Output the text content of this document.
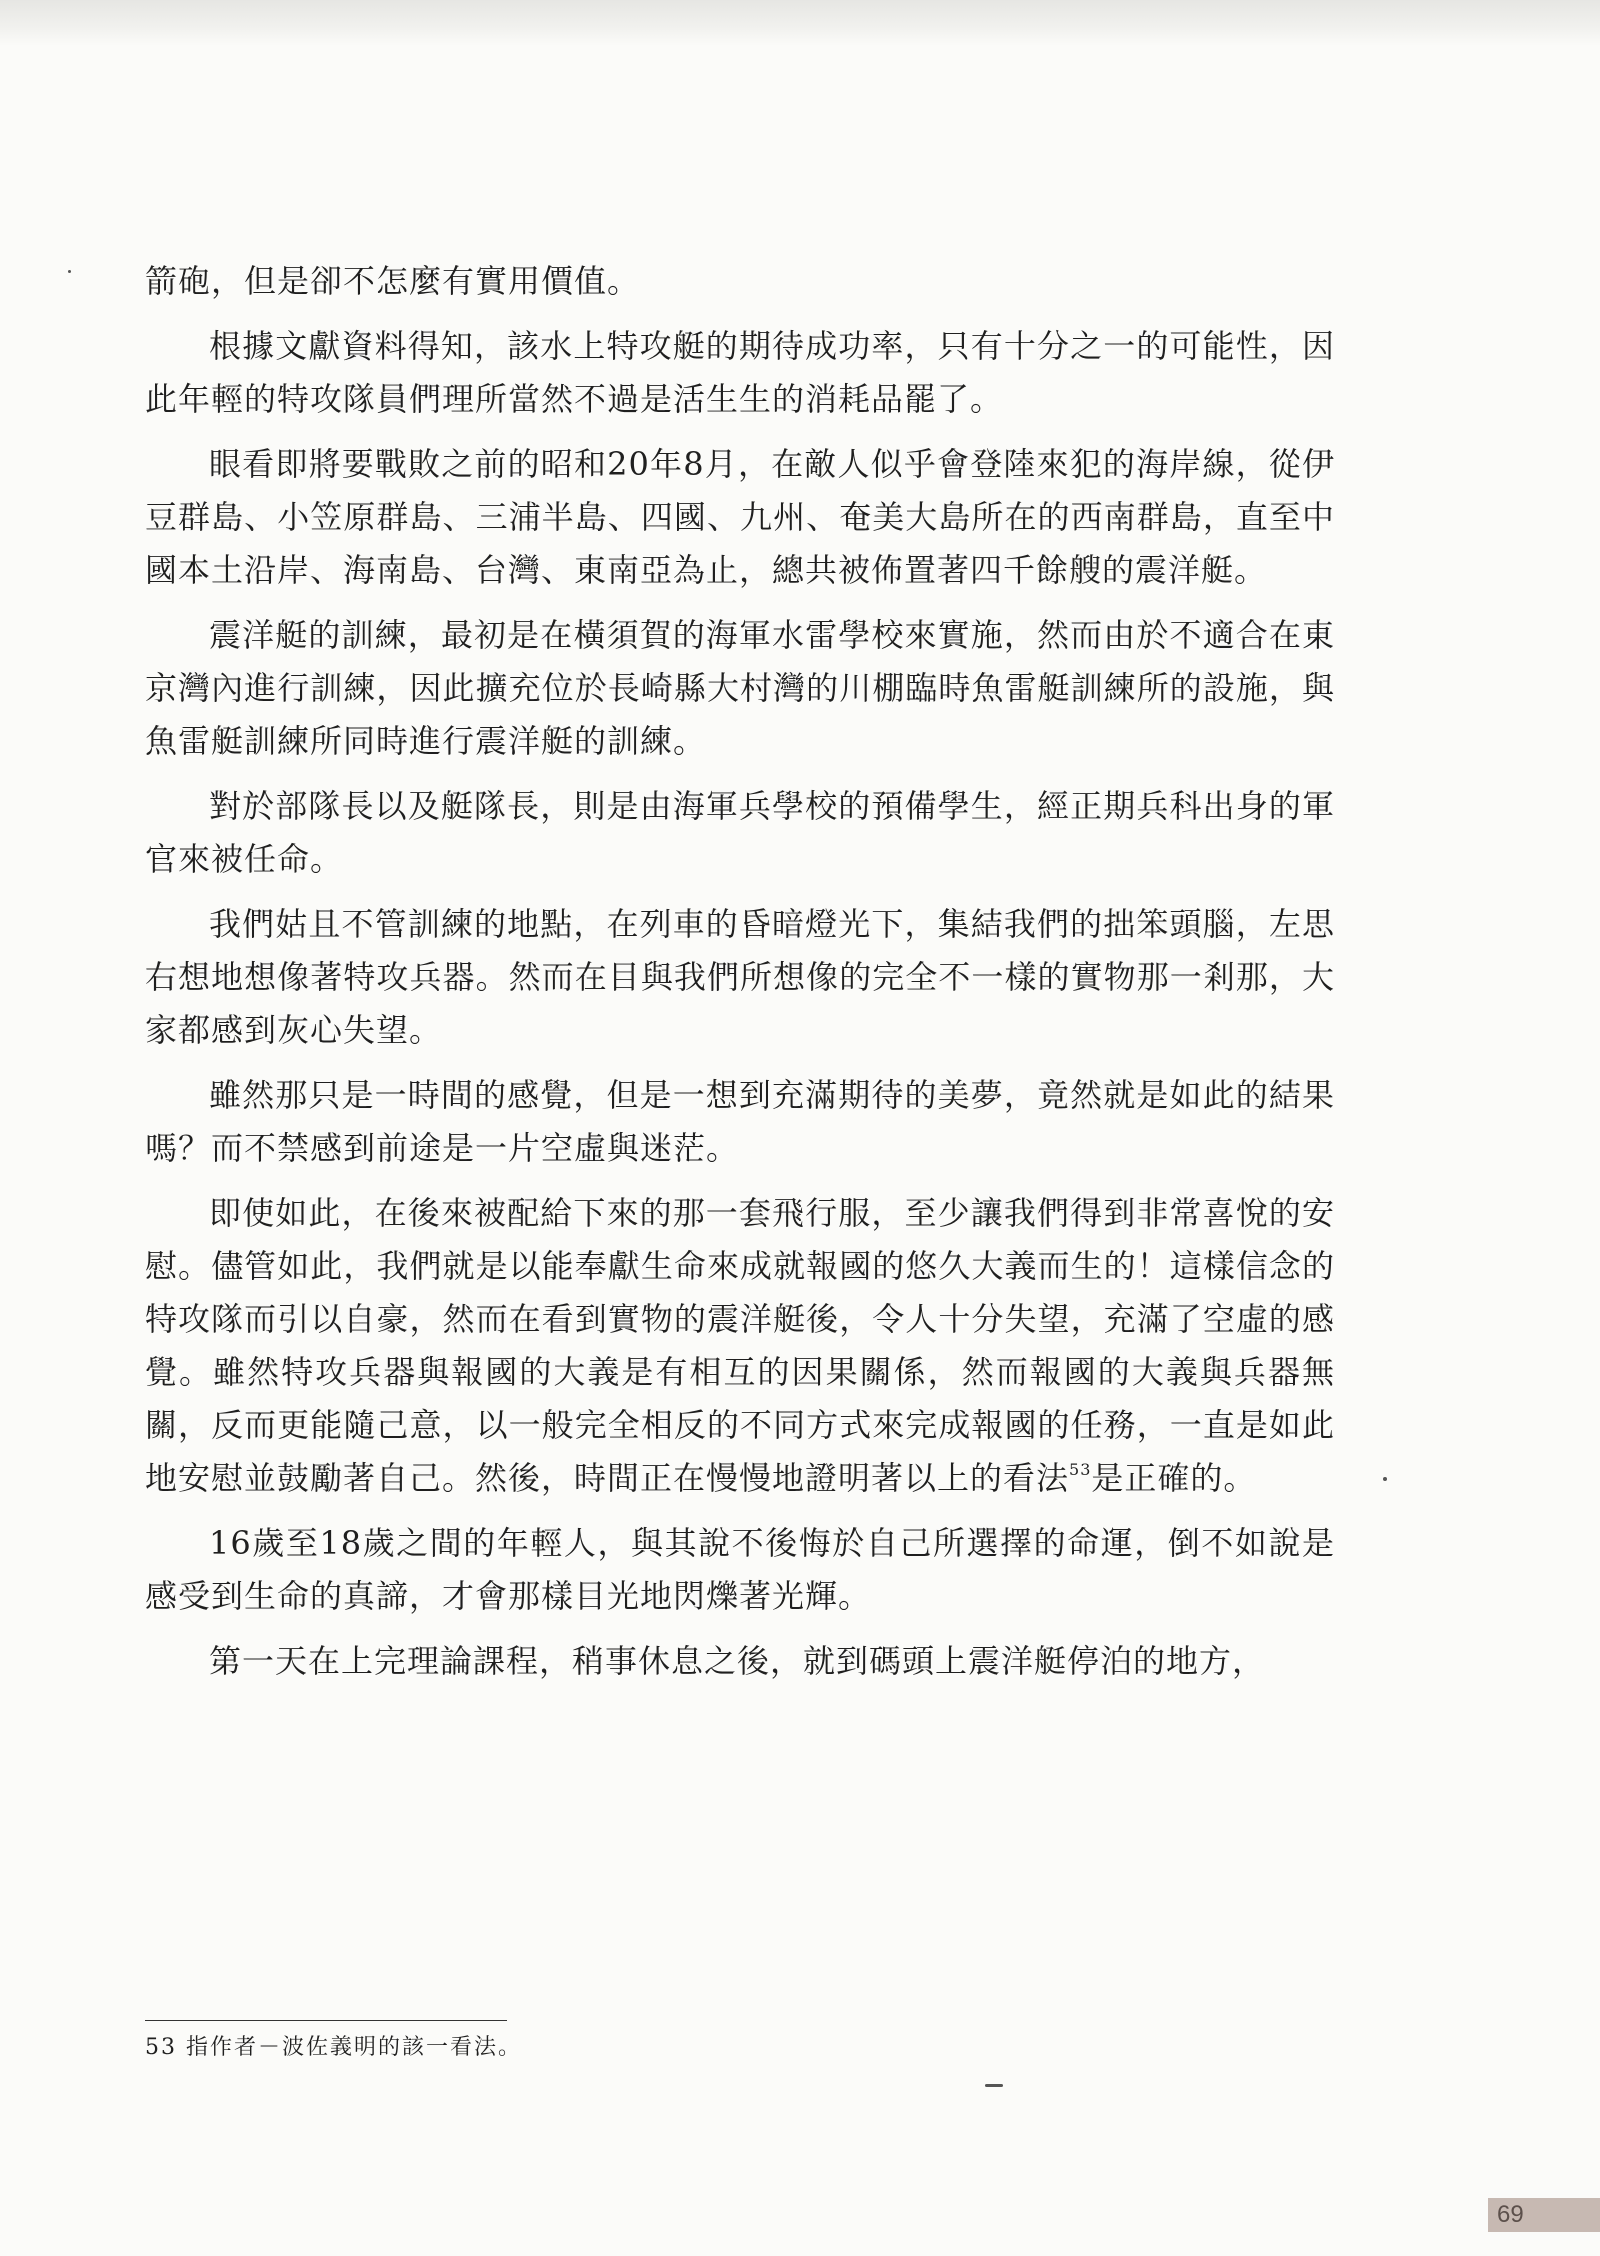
箭砲，但是卻不怎麼有實用價值。

根據文獻資料得知，該水上特攻艇的期待成功率，只有十分之一的可能性，因此年輕的特攻隊員們理所當然不過是活生生的消耗品罷了。

眼看即將要戰敗之前的昭和20年8月，在敵人似乎會登陸來犯的海岸線，從伊豆群島、小笠原群島、三浦半島、四國、九州、奄美大島所在的西南群島，直至中國本土沿岸、海南島、台灣、東南亞為止，總共被佈置著四千餘艘的震洋艇。

震洋艇的訓練，最初是在橫須賀的海軍水雷學校來實施，然而由於不適合在東京灣內進行訓練，因此擴充位於長崎縣大村灣的川棚臨時魚雷艇訓練所的設施，與魚雷艇訓練所同時進行震洋艇的訓練。

對於部隊長以及艇隊長，則是由海軍兵學校的預備學生，經正期兵科出身的軍官來被任命。

我們姑且不管訓練的地點，在列車的昏暗燈光下，集結我們的拙笨頭腦，左思右想地想像著特攻兵器。然而在目與我們所想像的完全不一樣的實物那一剎那，大家都感到灰心失望。

雖然那只是一時間的感覺，但是一想到充滿期待的美夢，竟然就是如此的結果嗎？而不禁感到前途是一片空虛與迷茫。

即使如此，在後來被配給下來的那一套飛行服，至少讓我們得到非常喜悅的安慰。儘管如此，我們就是以能奉獻生命來成就報國的悠久大義而生的！這樣信念的特攻隊而引以自豪，然而在看到實物的震洋艇後，令人十分失望，充滿了空虛的感覺。雖然特攻兵器與報國的大義是有相互的因果關係，然而報國的大義與兵器無關，反而更能隨己意，以一般完全相反的不同方式來完成報國的任務，一直是如此地安慰並鼓勵著自己。然後，時間正在慢慢地證明著以上的看法$^{53}$是正確的。

16歲至18歲之間的年輕人，與其說不後悔於自己所選擇的命運，倒不如說是感受到生命的真諦，才會那樣目光地閃爍著光輝。

第一天在上完理論課程，稍事休息之後，就到碼頭上震洋艇停泊的地方，

53 指作者－波佐義明的該一看法。
69
